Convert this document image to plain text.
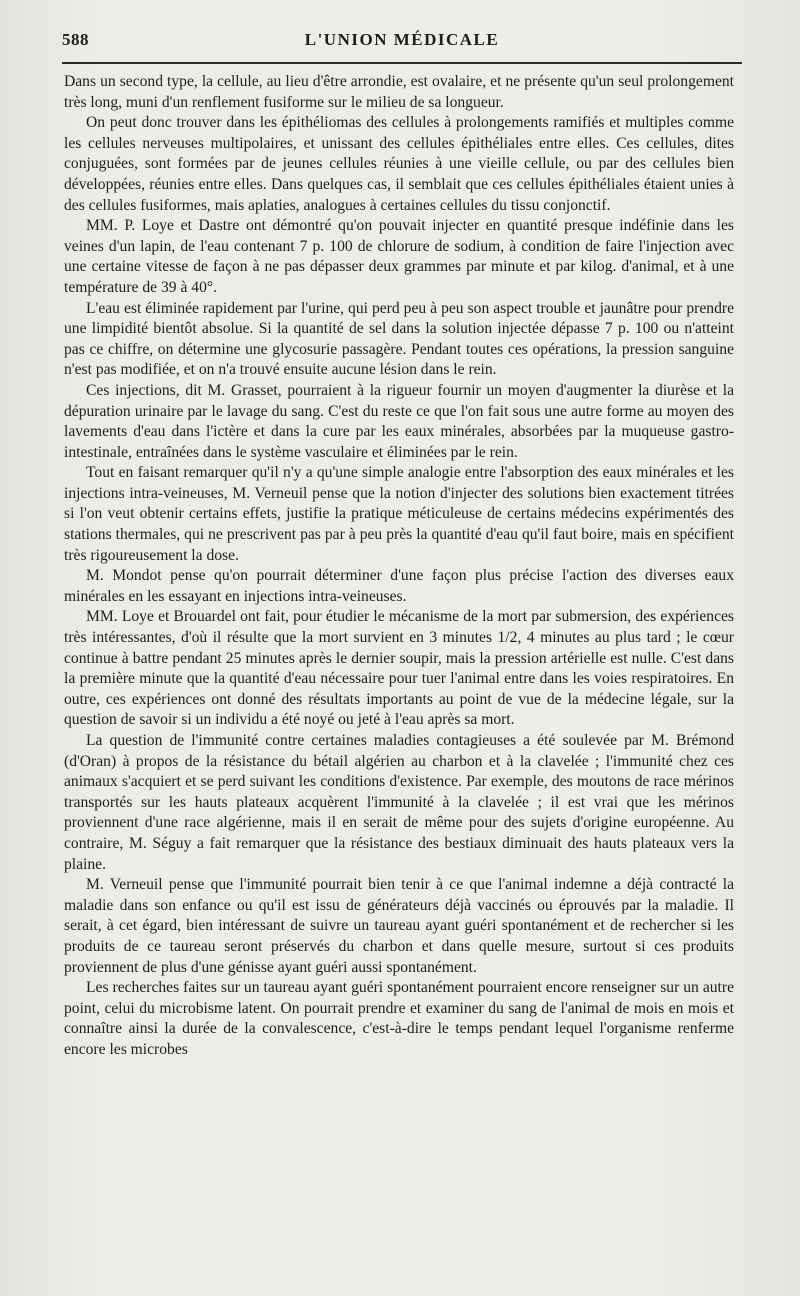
588	L'UNION MÉDICALE

Dans un second type, la cellule, au lieu d'être arrondie, est ovalaire, et ne présente qu'un seul prolongement très long, muni d'un renflement fusiforme sur le milieu de sa longueur.

On peut donc trouver dans les épithéliomas des cellules à prolongements ramifiés et multiples comme les cellules nerveuses multipolaires, et unissant des cellules épithéliales entre elles. Ces cellules, dites conjuguées, sont formées par de jeunes cellules réunies à une vieille cellule, ou par des cellules bien développées, réunies entre elles. Dans quelques cas, il semblait que ces cellules épithéliales étaient unies à des cellules fusiformes, mais aplaties, analogues à certaines cellules du tissu conjonctif.

MM. P. Loye et Dastre ont démontré qu'on pouvait injecter en quantité presque indéfinie dans les veines d'un lapin, de l'eau contenant 7 p. 100 de chlorure de sodium, à condition de faire l'injection avec une certaine vitesse de façon à ne pas dépasser deux grammes par minute et par kilog. d'animal, et à une température de 39 à 40°.

L'eau est éliminée rapidement par l'urine, qui perd peu à peu son aspect trouble et jaunâtre pour prendre une limpidité bientôt absolue. Si la quantité de sel dans la solution injectée dépasse 7 p. 100 ou n'atteint pas ce chiffre, on détermine une glycosurie passagère. Pendant toutes ces opérations, la pression sanguine n'est pas modifiée, et on n'a trouvé ensuite aucune lésion dans le rein.

Ces injections, dit M. Grasset, pourraient à la rigueur fournir un moyen d'augmenter la diurèse et la dépuration urinaire par le lavage du sang. C'est du reste ce que l'on fait sous une autre forme au moyen des lavements d'eau dans l'ictère et dans la cure par les eaux minérales, absorbées par la muqueuse gastro-intestinale, entraînées dans le système vasculaire et éliminées par le rein.

Tout en faisant remarquer qu'il n'y a qu'une simple analogie entre l'absorption des eaux minérales et les injections intra-veineuses, M. Verneuil pense que la notion d'injecter des solutions bien exactement titrées si l'on veut obtenir certains effets, justifie la pratique méticuleuse de certains médecins expérimentés des stations thermales, qui ne prescrivent pas par à peu près la quantité d'eau qu'il faut boire, mais en spécifient très rigoureusement la dose.

M. Mondot pense qu'on pourrait déterminer d'une façon plus précise l'action des diverses eaux minérales en les essayant en injections intra-veineuses.

MM. Loye et Brouardel ont fait, pour étudier le mécanisme de la mort par submersion, des expériences très intéressantes, d'où il résulte que la mort survient en 3 minutes 1/2, 4 minutes au plus tard ; le cœur continue à battre pendant 25 minutes après le dernier soupir, mais la pression artérielle est nulle. C'est dans la première minute que la quantité d'eau nécessaire pour tuer l'animal entre dans les voies respiratoires. En outre, ces expériences ont donné des résultats importants au point de vue de la médecine légale, sur la question de savoir si un individu a été noyé ou jeté à l'eau après sa mort.

La question de l'immunité contre certaines maladies contagieuses a été soulevée par M. Brémond (d'Oran) à propos de la résistance du bétail algérien au charbon et à la clavelée ; l'immunité chez ces animaux s'acquiert et se perd suivant les conditions d'existence. Par exemple, des moutons de race mérinos transportés sur les hauts plateaux acquèrent l'immunité à la clavelée ; il est vrai que les mérinos proviennent d'une race algérienne, mais il en serait de même pour des sujets d'origine européenne. Au contraire, M. Séguy a fait remarquer que la résistance des bestiaux diminuait des hauts plateaux vers la plaine.

M. Verneuil pense que l'immunité pourrait bien tenir à ce que l'animal indemne a déjà contracté la maladie dans son enfance ou qu'il est issu de générateurs déjà vaccinés ou éprouvés par la maladie. Il serait, à cet égard, bien intéressant de suivre un taureau ayant guéri spontanément et de rechercher si les produits de ce taureau seront préservés du charbon et dans quelle mesure, surtout si ces produits proviennent de plus d'une génisse ayant guéri aussi spontanément.

Les recherches faites sur un taureau ayant guéri spontanément pourraient encore renseigner sur un autre point, celui du microbisme latent. On pourrait prendre et examiner du sang de l'animal de mois en mois et connaître ainsi la durée de la convalescence, c'est-à-dire le temps pendant lequel l'organisme renferme encore les microbes
